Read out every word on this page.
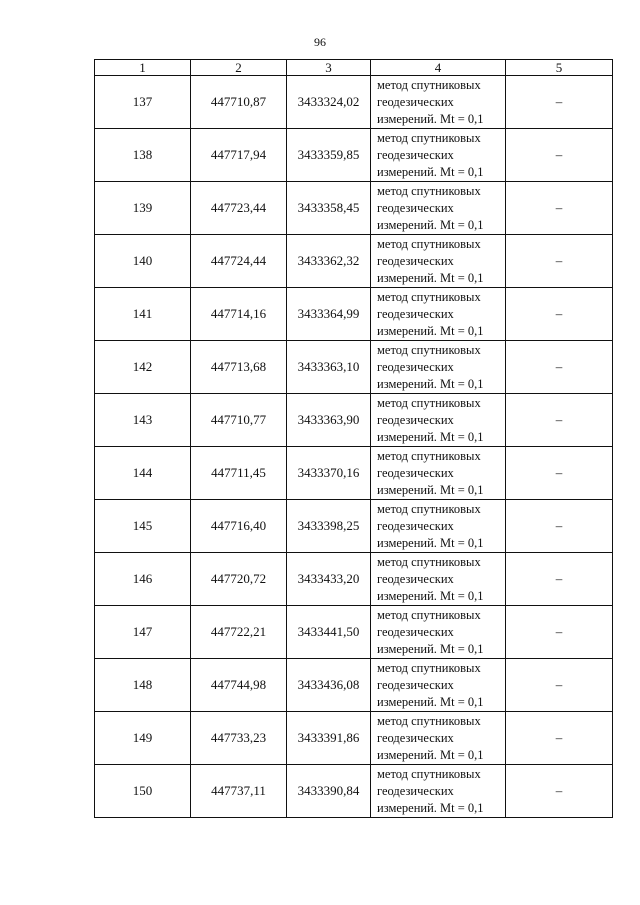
96
1	2	3	4	5
137	447710,87	3433324,02	метод спутниковых
геодезических
измерений. Mt = 0,1	–
138	447717,94	3433359,85	метод спутниковых
геодезических
измерений. Mt = 0,1	–
139	447723,44	3433358,45	метод спутниковых
геодезических
измерений. Mt = 0,1	–
140	447724,44	3433362,32	метод спутниковых
геодезических
измерений. Mt = 0,1	–
141	447714,16	3433364,99	метод спутниковых
геодезических
измерений. Mt = 0,1	–
142	447713,68	3433363,10	метод спутниковых
геодезических
измерений. Mt = 0,1	–
143	447710,77	3433363,90	метод спутниковых
геодезических
измерений. Mt = 0,1	–
144	447711,45	3433370,16	метод спутниковых
геодезических
измерений. Mt = 0,1	–
145	447716,40	3433398,25	метод спутниковых
геодезических
измерений. Mt = 0,1	–
146	447720,72	3433433,20	метод спутниковых
геодезических
измерений. Mt = 0,1	–
147	447722,21	3433441,50	метод спутниковых
геодезических
измерений. Mt = 0,1	–
148	447744,98	3433436,08	метод спутниковых
геодезических
измерений. Mt = 0,1	–
149	447733,23	3433391,86	метод спутниковых
геодезических
измерений. Mt = 0,1	–
150	447737,11	3433390,84	метод спутниковых
геодезических
измерений. Mt = 0,1	–
